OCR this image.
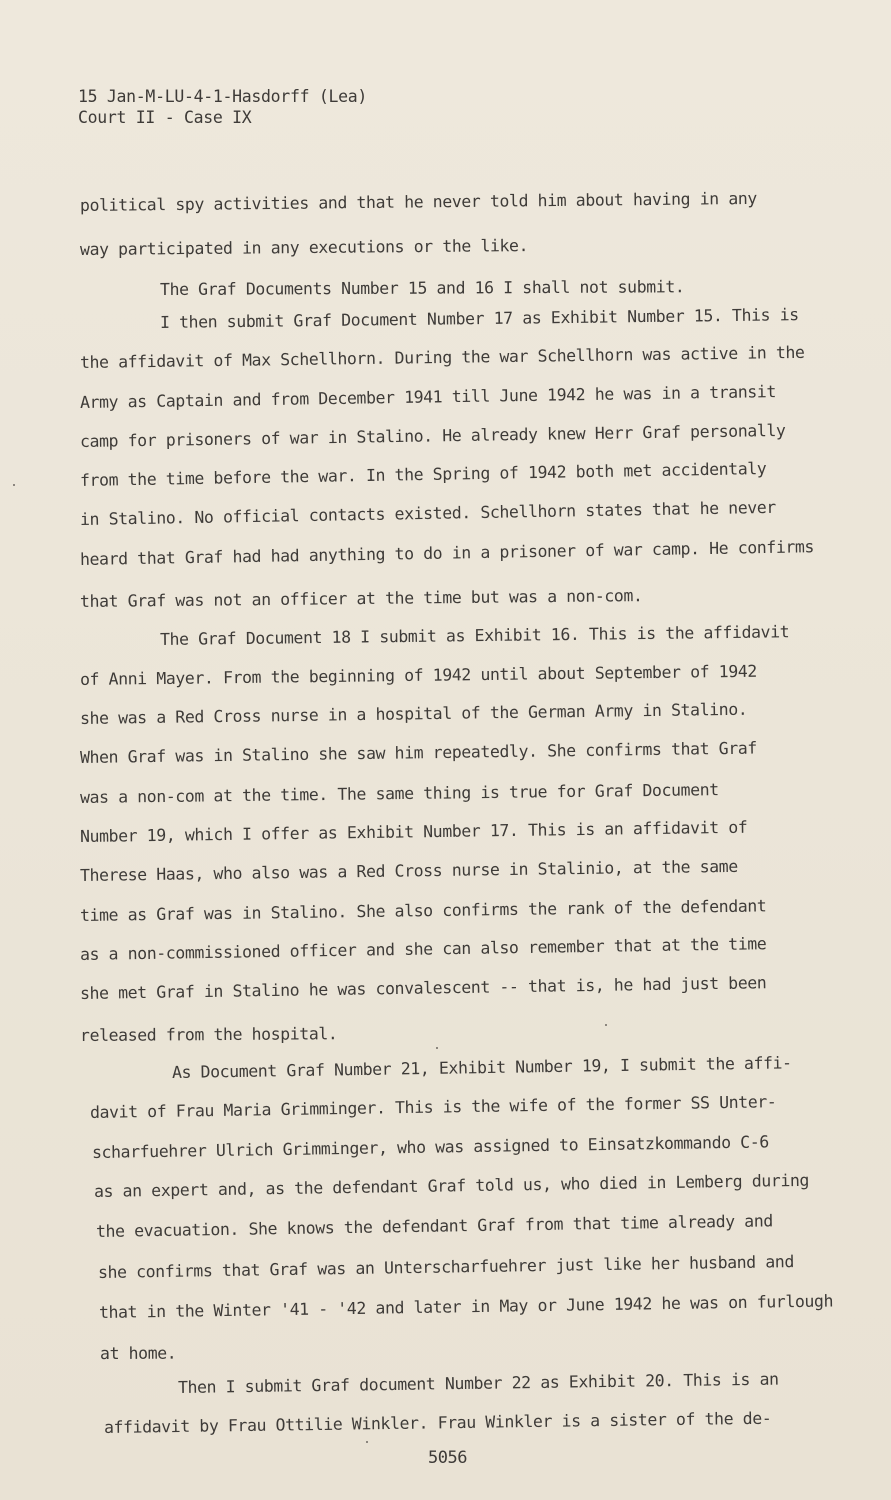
15 Jan-M-LU-4-1-Hasdorff (Lea)
Court II - Case IX
political spy activities and that he never told him about having in any
way participated in any executions or the like.
The Graf Documents Number 15 and 16 I shall not submit.
I then submit Graf Document Number 17 as Exhibit Number 15. This is
the affidavit of Max Schellhorn. During the war Schellhorn was active in the
Army as Captain and from December 1941 till June 1942 he was in a transit
camp for prisoners of war in Stalino. He already knew Herr Graf personally
from the time before the war. In the Spring of 1942 both met accidentaly
in Stalino. No official contacts existed. Schellhorn states that he never
heard that Graf had had anything to do in a prisoner of war camp. He confirms
that Graf was not an officer at the time but was a non-com.
The Graf Document 18 I submit as Exhibit 16. This is the affidavit
of Anni Mayer. From the beginning of 1942 until about September of 1942
she was a Red Cross nurse in a hospital of the German Army in Stalino.
When Graf was in Stalino she saw him repeatedly. She confirms that Graf
was a non-com at the time. The same thing is true for Graf Document
Number 19, which I offer as Exhibit Number 17. This is an affidavit of
Therese Haas, who also was a Red Cross nurse in Stalinio, at the same
time as Graf was in Stalino. She also confirms the rank of the defendant
as a non-commissioned officer and she can also remember that at the time
she met Graf in Stalino he was convalescent -- that is, he had just been
released from the hospital.
As Document Graf Number 21, Exhibit Number 19, I submit the affi-
davit of Frau Maria Grimminger. This is the wife of the former SS Unter-
scharfuehrer Ulrich Grimminger, who was assigned to Einsatzkommando C-6
as an expert and, as the defendant Graf told us, who died in Lemberg during
the evacuation. She knows the defendant Graf from that time already and
she confirms that Graf was an Unterscharfuehrer just like her husband and
that in the Winter '41 - '42 and later in May or June 1942 he was on furlough
at home.
Then I submit Graf document Number 22 as Exhibit 20. This is an
affidavit by Frau Ottilie Winkler. Frau Winkler is a sister of the de-
5056
